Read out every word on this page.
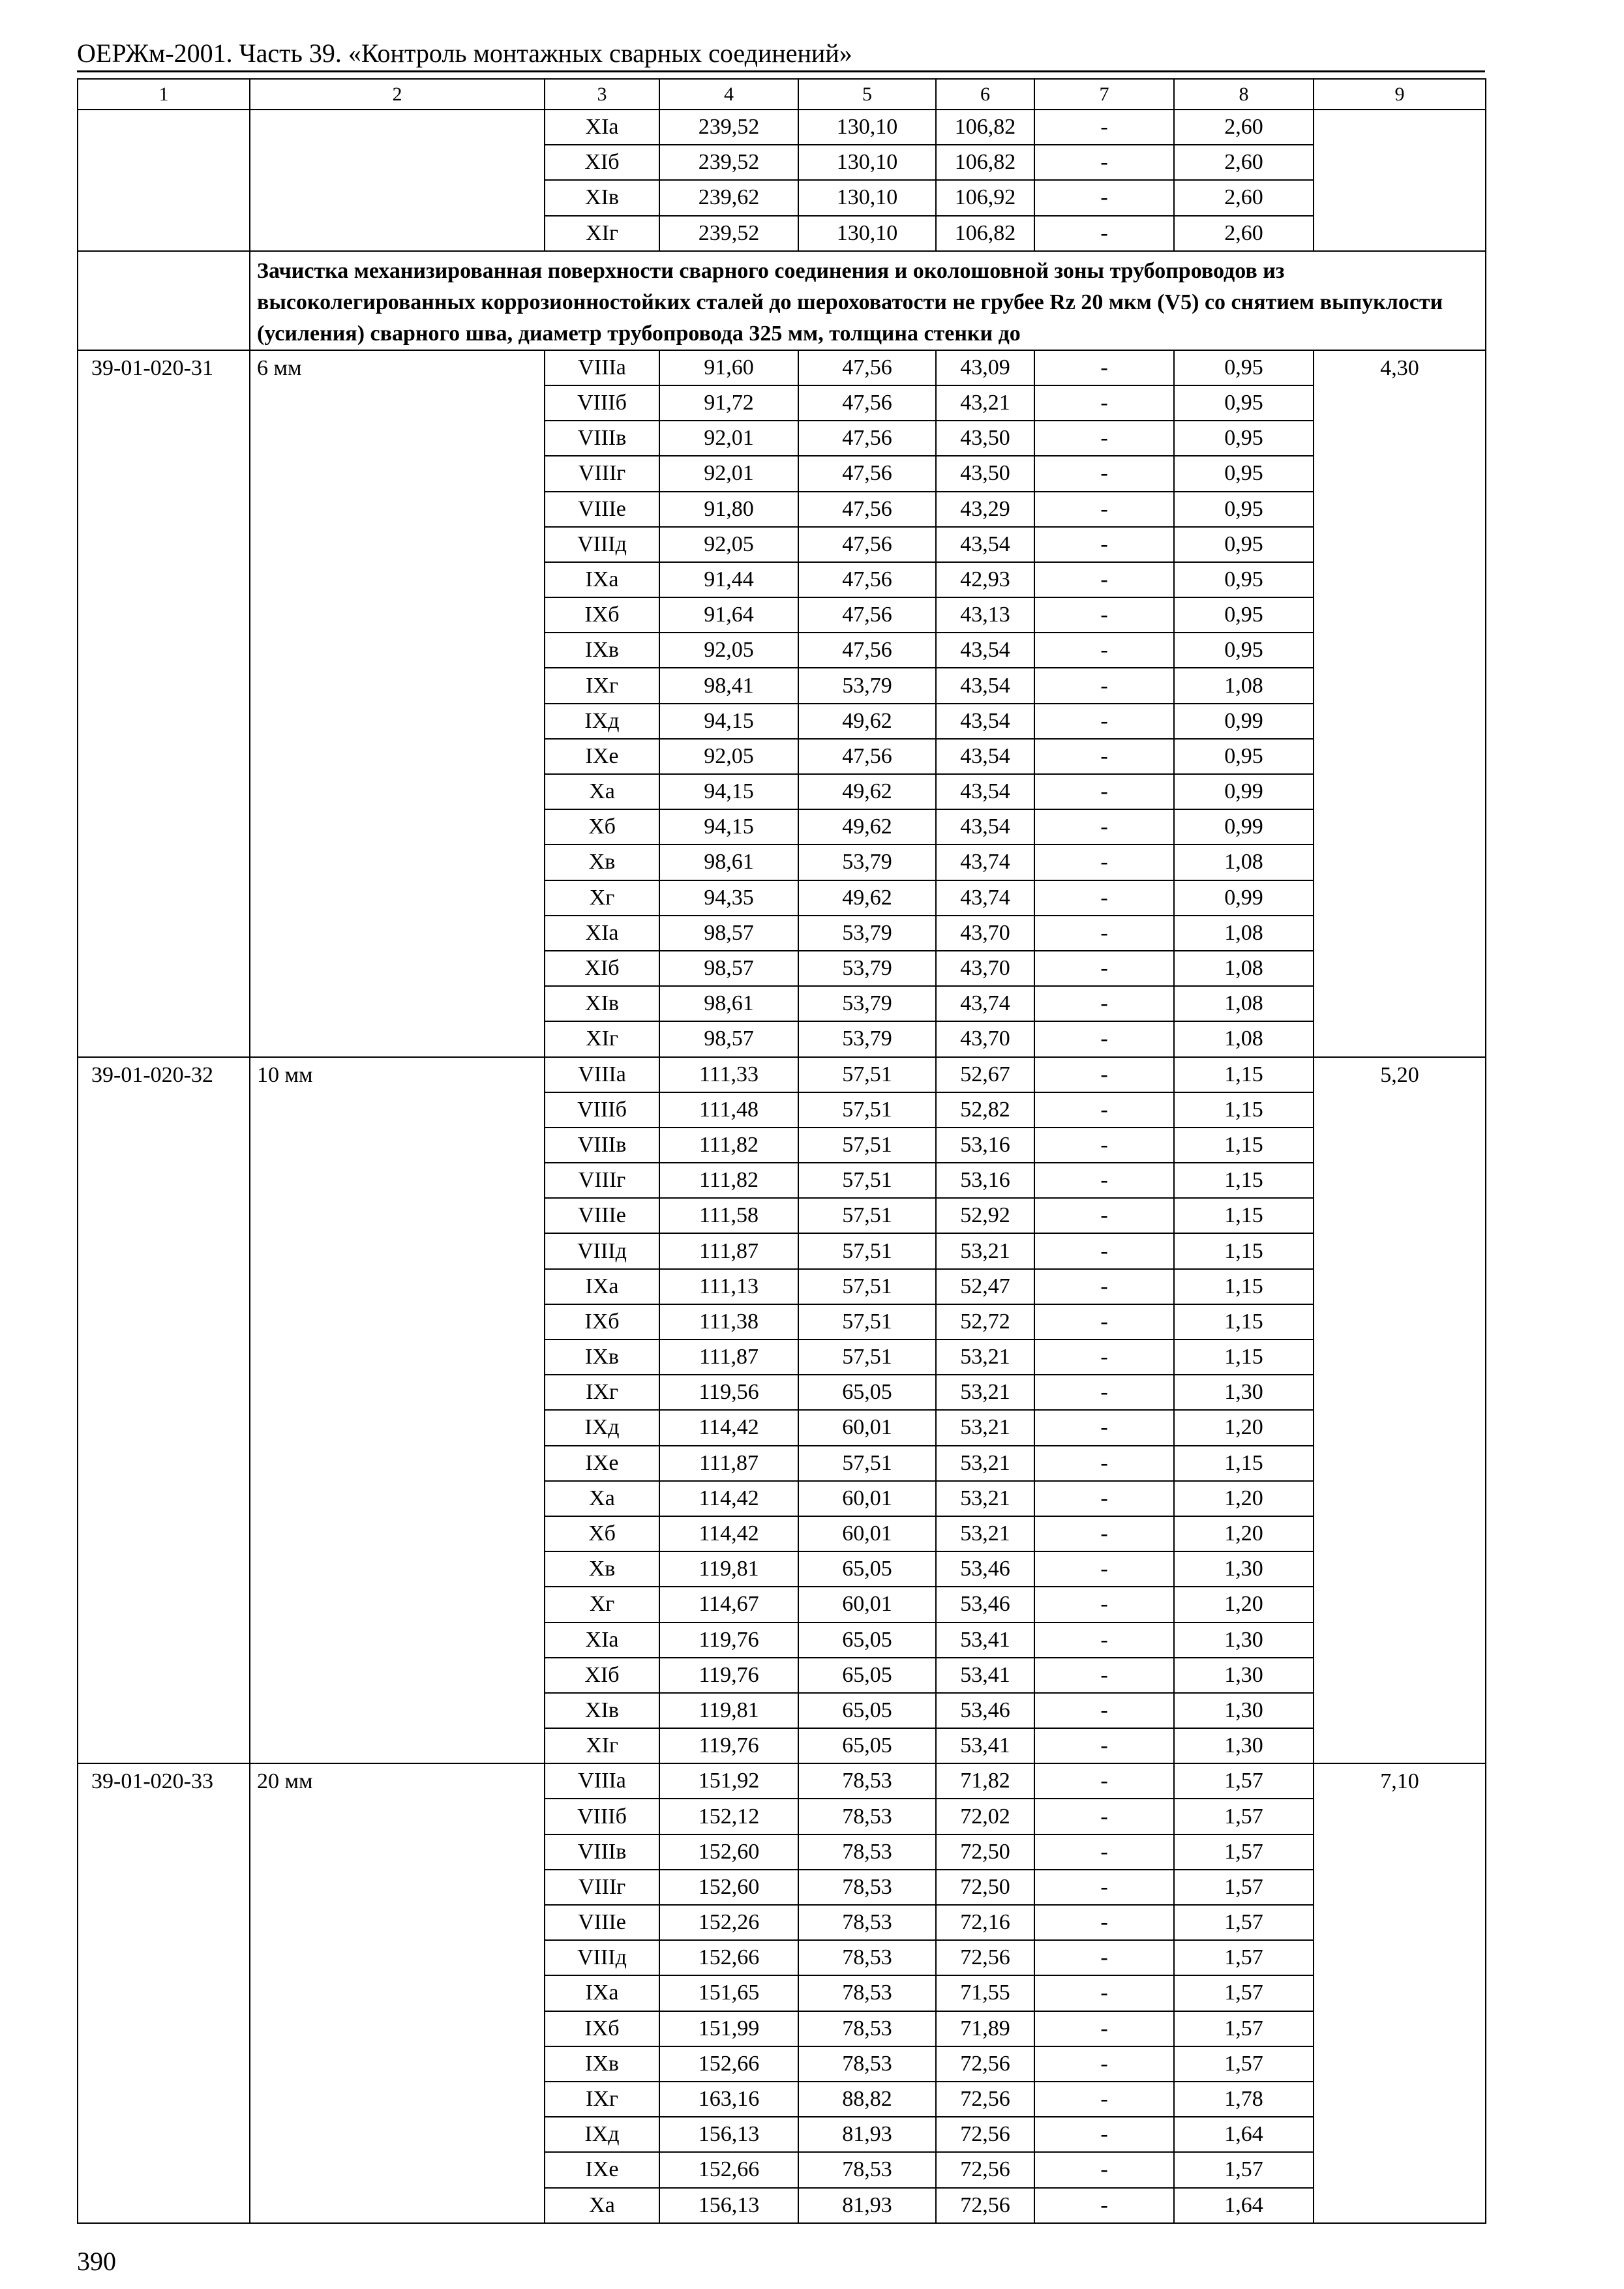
ОЕРЖм-2001. Часть 39. «Контроль монтажных сварных соединений»
1	2	3	4	5	6	7	8	9
		XIa	239,52	130,10	106,82	-	2,60	
		XIб	239,52	130,10	106,82	-	2,60	
		XIв	239,62	130,10	106,92	-	2,60	
		XIг	239,52	130,10	106,82	-	2,60	
	Зачистка механизированная поверхности сварного соединения и околошовной зоны трубопроводов из высоколегированных коррозионностойких сталей до шероховатости не грубее Rz 20 мкм (V5) со снятием выпуклости (усиления) сварного шва, диаметр трубопровода 325 мм, толщина стенки до							
39-01-020-31	6 мм	VIIIa	91,60	47,56	43,09	-	0,95	4,30
		VIIIб	91,72	47,56	43,21	-	0,95	
		VIIIв	92,01	47,56	43,50	-	0,95	
		VIIIг	92,01	47,56	43,50	-	0,95	
		VIIIe	91,80	47,56	43,29	-	0,95	
		VIIIд	92,05	47,56	43,54	-	0,95	
		IXa	91,44	47,56	42,93	-	0,95	
		IXб	91,64	47,56	43,13	-	0,95	
		IXв	92,05	47,56	43,54	-	0,95	
		IXг	98,41	53,79	43,54	-	1,08	
		IXд	94,15	49,62	43,54	-	0,99	
		IXe	92,05	47,56	43,54	-	0,95	
		Xa	94,15	49,62	43,54	-	0,99	
		Xб	94,15	49,62	43,54	-	0,99	
		Xв	98,61	53,79	43,74	-	1,08	
		Xг	94,35	49,62	43,74	-	0,99	
		XIa	98,57	53,79	43,70	-	1,08	
		XIб	98,57	53,79	43,70	-	1,08	
		XIв	98,61	53,79	43,74	-	1,08	
		XIг	98,57	53,79	43,70	-	1,08	
39-01-020-32	10 мм	VIIIa	111,33	57,51	52,67	-	1,15	5,20
		VIIIб	111,48	57,51	52,82	-	1,15	
		VIIIв	111,82	57,51	53,16	-	1,15	
		VIIIг	111,82	57,51	53,16	-	1,15	
		VIIIe	111,58	57,51	52,92	-	1,15	
		VIIIд	111,87	57,51	53,21	-	1,15	
		IXa	111,13	57,51	52,47	-	1,15	
		IXб	111,38	57,51	52,72	-	1,15	
		IXв	111,87	57,51	53,21	-	1,15	
		IXг	119,56	65,05	53,21	-	1,30	
		IXд	114,42	60,01	53,21	-	1,20	
		IXe	111,87	57,51	53,21	-	1,15	
		Xa	114,42	60,01	53,21	-	1,20	
		Xб	114,42	60,01	53,21	-	1,20	
		Xв	119,81	65,05	53,46	-	1,30	
		Xг	114,67	60,01	53,46	-	1,20	
		XIa	119,76	65,05	53,41	-	1,30	
		XIб	119,76	65,05	53,41	-	1,30	
		XIв	119,81	65,05	53,46	-	1,30	
		XIг	119,76	65,05	53,41	-	1,30	
39-01-020-33	20 мм	VIIIa	151,92	78,53	71,82	-	1,57	7,10
		VIIIб	152,12	78,53	72,02	-	1,57	
		VIIIв	152,60	78,53	72,50	-	1,57	
		VIIIг	152,60	78,53	72,50	-	1,57	
		VIIIe	152,26	78,53	72,16	-	1,57	
		VIIIд	152,66	78,53	72,56	-	1,57	
		IXa	151,65	78,53	71,55	-	1,57	
		IXб	151,99	78,53	71,89	-	1,57	
		IXв	152,66	78,53	72,56	-	1,57	
		IXг	163,16	88,82	72,56	-	1,78	
		IXд	156,13	81,93	72,56	-	1,64	
		IXe	152,66	78,53	72,56	-	1,57	
		Xa	156,13	81,93	72,56	-	1,64	
390
